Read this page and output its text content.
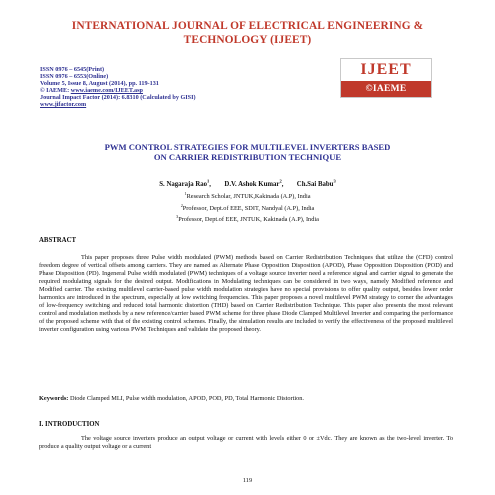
INTERNATIONAL JOURNAL OF ELECTRICAL ENGINEERING &
TECHNOLOGY (IJEET)
ISSN 0976 – 6545(Print)
ISSN 0976 – 6553(Online)
Volume 5, Issue 8, August (2014), pp. 119-131
© IAEME: www.iaeme.com/IJEET.asp
Journal Impact Factor (2014): 6.8310 (Calculated by GISI)
www.jifactor.com
IJEET
©IAEME
PWM CONTROL STRATEGIES FOR MULTILEVEL INVERTERS BASED
ON CARRIER REDISTRIBUTION TECHNIQUE
S. Nagaraja Rao$^1$, D.V. Ashok Kumar$^2$, Ch.Sai Babu$^3$
$^1$Research Scholar, JNTUK,Kakinada (A.P), India
$^2$Professor, Dept.of EEE, SDIT, Nandyal (A.P), India
$^3$Professor, Dept.of EEE, JNTUK, Kakinada (A.P), India
ABSTRACT
This paper proposes three Pulse width modulated (PWM) methods based on Carrier Redistribution Techniques that utilize the (CFD) control freedom degree of vertical offsets among carriers. They are named as Alternate Phase Opposition Disposition (APOD), Phase Opposition Disposition (POD) and Phase Disposition (PD). Ingeneral Pulse width modulated (PWM) techniques of a voltage source inverter need a reference signal and carrier signal to generate the required modulating signals for the desired output. Modifications in Modulating techniques can be considered in two ways, namely Modified reference and Modified carrier. The existing multilevel carrier-based pulse width modulation strategies have no special provisions to offer quality output, besides lower order harmonics are introduced in the spectrum, especially at low switching frequencies. This paper proposes a novel multilevel PWM strategy to corner the advantages of low-frequency switching and reduced total harmonic distortion (THD) based on Carrier Redistribution Technique. This paper also presents the most relevant control and modulation methods by a new reference/carrier based PWM scheme for three phase Diode Clamped Multilevel Inverter and comparing the performance of the proposed scheme with that of the existing control schemes. Finally, the simulation results are included to verify the effectiveness of the proposed multilevel inverter configuration using various PWM Techniques and validate the proposed theory.
Keywords: Diode Clamped MLI, Pulse width modulation, APOD, POD, PD, Total Harmonic Distortion.
I. INTRODUCTION
The voltage source inverters produce an output voltage or current with levels either 0 or ±Vdc. They are known as the two-level inverter. To produce a quality output voltage or a current
119
